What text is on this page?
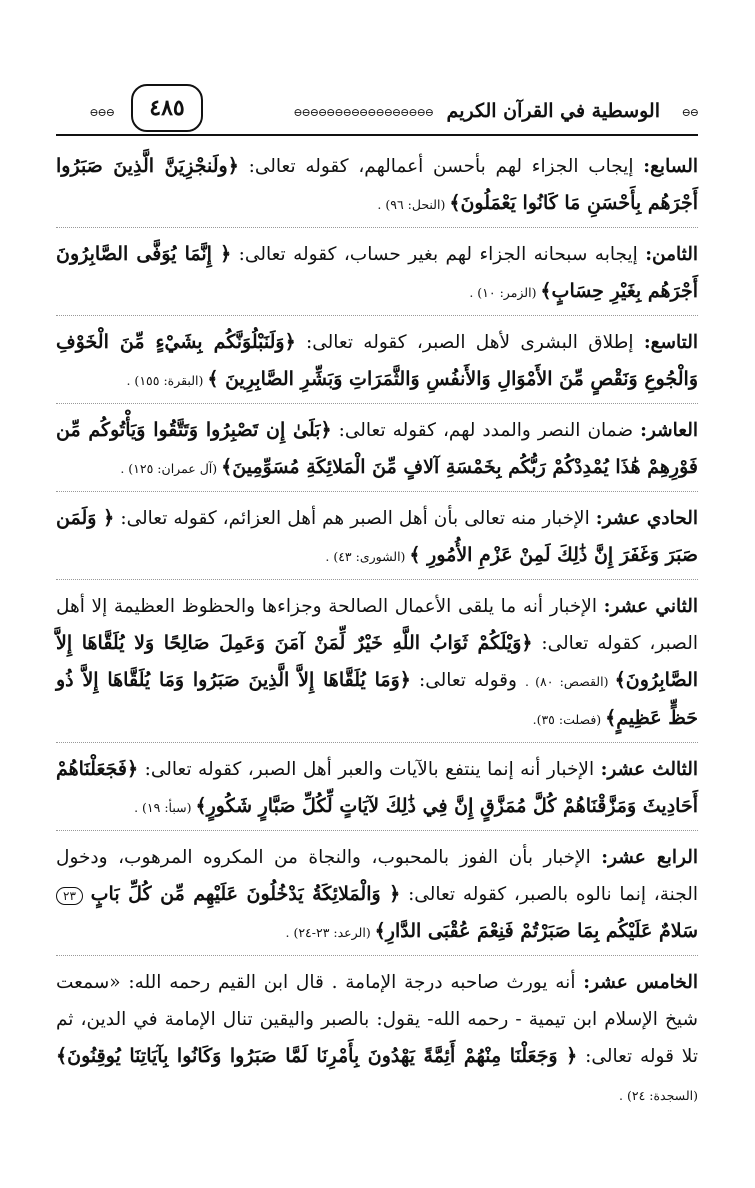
⊖⊖
الوسطية في القرآن الكريم
⊖⊖⊖⊖⊖⊖⊖⊖⊖⊖⊖⊖⊖⊖⊖⊖⊖
٤٨٥
⊖⊖⊖

السابع: إيجاب الجزاء لهم بأحسن أعمالهم، كقوله تعالى: ﴿ولَنجْزِيَنَّ الَّذِينَ صَبَرُوا أَجْرَهُم بِأَحْسَنِ مَا كَانُوا يَعْمَلُونَ﴾ (النحل: ٩٦) .

الثامن: إيجابه سبحانه الجزاء لهم بغير حساب، كقوله تعالى: ﴿ إِنَّمَا يُوَفَّى الصَّابِرُونَ أَجْرَهُم بِغَيْرِ حِسَابٍ﴾ (الزمر: ١٠) .

التاسع: إطلاق البشرى لأهل الصبر، كقوله تعالى: ﴿وَلَنَبْلُوَنَّكُم بِشَيْءٍ مِّنَ الْخَوْفِ وَالْجُوعِ وَنَقْصٍ مِّنَ الأَمْوَالِ وَالأَنفُسِ وَالثَّمَرَاتِ وَبَشِّرِ الصَّابِرِينَ ﴾ (البقرة: ١٥٥) .

العاشر: ضمان النصر والمدد لهم، كقوله تعالى: ﴿بَلَىٰ إِن تَصْبِرُوا وَتَتَّقُوا وَيَأْتُوكُم مِّن فَوْرِهِمْ هَٰذَا يُمْدِدْكُمْ رَبُّكُم بِخَمْسَةِ آلافٍ مِّنَ الْمَلائِكَةِ مُسَوِّمِينَ﴾ (آل عمران: ١٢٥) .

الحادي عشر: الإخبار منه تعالى بأن أهل الصبر هم أهل العزائم، كقوله تعالى: ﴿ وَلَمَن صَبَرَ وَغَفَرَ إِنَّ ذَٰلِكَ لَمِنْ عَزْمِ الأُمُورِ ﴾ (الشورى: ٤٣) .

الثاني عشر: الإخبار أنه ما يلقى الأعمال الصالحة وجزاءها والحظوظ العظيمة إلا أهل الصبر، كقوله تعالى: ﴿وَيْلَكُمْ ثَوَابُ اللَّهِ خَيْرٌ لِّمَنْ آمَنَ وَعَمِلَ صَالِحًا وَلا يُلَقَّاهَا إِلاَّ الصَّابِرُونَ﴾ (القصص: ٨٠) . وقوله تعالى: ﴿وَمَا يُلَقَّاهَا إِلاَّ الَّذِينَ صَبَرُوا وَمَا يُلَقَّاهَا إِلاَّ ذُو حَظٍّ عَظِيمٍ﴾ (فصلت: ٣٥).

الثالث عشر: الإخبار أنه إنما ينتفع بالآيات والعبر أهل الصبر، كقوله تعالى: ﴿فَجَعَلْنَاهُمْ أَحَادِيثَ وَمَزَّقْنَاهُمْ كُلَّ مُمَزَّقٍ إِنَّ فِي ذَٰلِكَ لآيَاتٍ لِّكُلِّ صَبَّارٍ شَكُورٍ﴾ (سبأ: ١٩) .

الرابع عشر: الإخبار بأن الفوز بالمحبوب، والنجاة من المكروه المرهوب، ودخول الجنة، إنما نالوه بالصبر، كقوله تعالى: ﴿ وَالْمَلائِكَةُ يَدْخُلُونَ عَلَيْهِم مِّن كُلِّ بَابٍ ٢٣ سَلامٌ عَلَيْكُم بِمَا صَبَرْتُمْ فَنِعْمَ عُقْبَى الدَّارِ﴾ (الرعد: ٢٣-٢٤) .

الخامس عشر: أنه يورث صاحبه درجة الإمامة . قال ابن القيم رحمه الله: «سمعت شيخ الإسلام ابن تيمية - رحمه الله- يقول: بالصبر واليقين تنال الإمامة في الدين، ثم تلا قوله تعالى: ﴿ وَجَعَلْنَا مِنْهُمْ أَئِمَّةً يَهْدُونَ بِأَمْرِنَا لَمَّا صَبَرُوا وَكَانُوا بِآيَاتِنَا يُوقِنُونَ﴾ (السجدة: ٢٤) .
